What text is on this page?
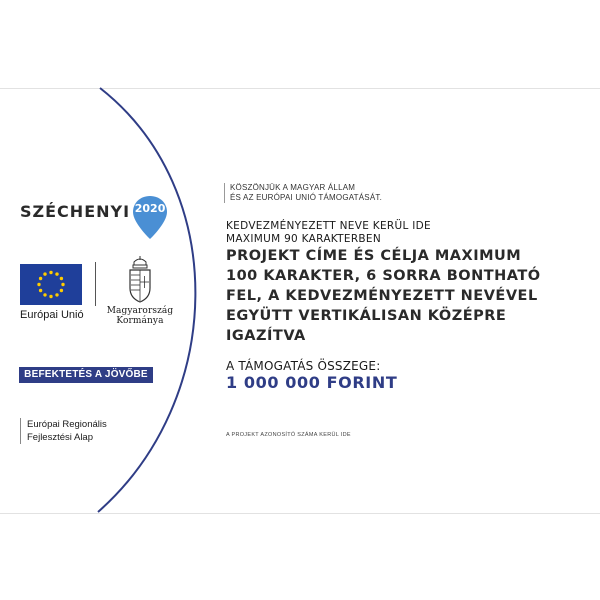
SZÉCHENYI 2020
Európai Unió	Magyarország
Kormánya
BEFEKTETÉS A JÖVŐBE
Európai Regionális
Fejlesztési Alap
KÖSZÖNJÜK A MAGYAR ÁLLAM
ÉS AZ EURÓPAI UNIÓ TÁMOGATÁSÁT.
KEDVEZMÉNYEZETT NEVE KERÜL IDE
MAXIMUM 90 KARAKTERBEN
PROJEKT CÍME ÉS CÉLJA MAXIMUM
100 KARAKTER, 6 SORRA BONTHATÓ
FEL, A KEDVEZMÉNYEZETT NEVÉVEL
EGYÜTT VERTIKÁLISAN KÖZÉPRE
IGAZÍTVA
A TÁMOGATÁS ÖSSZEGE:
1 000 000 FORINT
A PROJEKT AZONOSÍTÓ SZÁMA KERÜL IDE
